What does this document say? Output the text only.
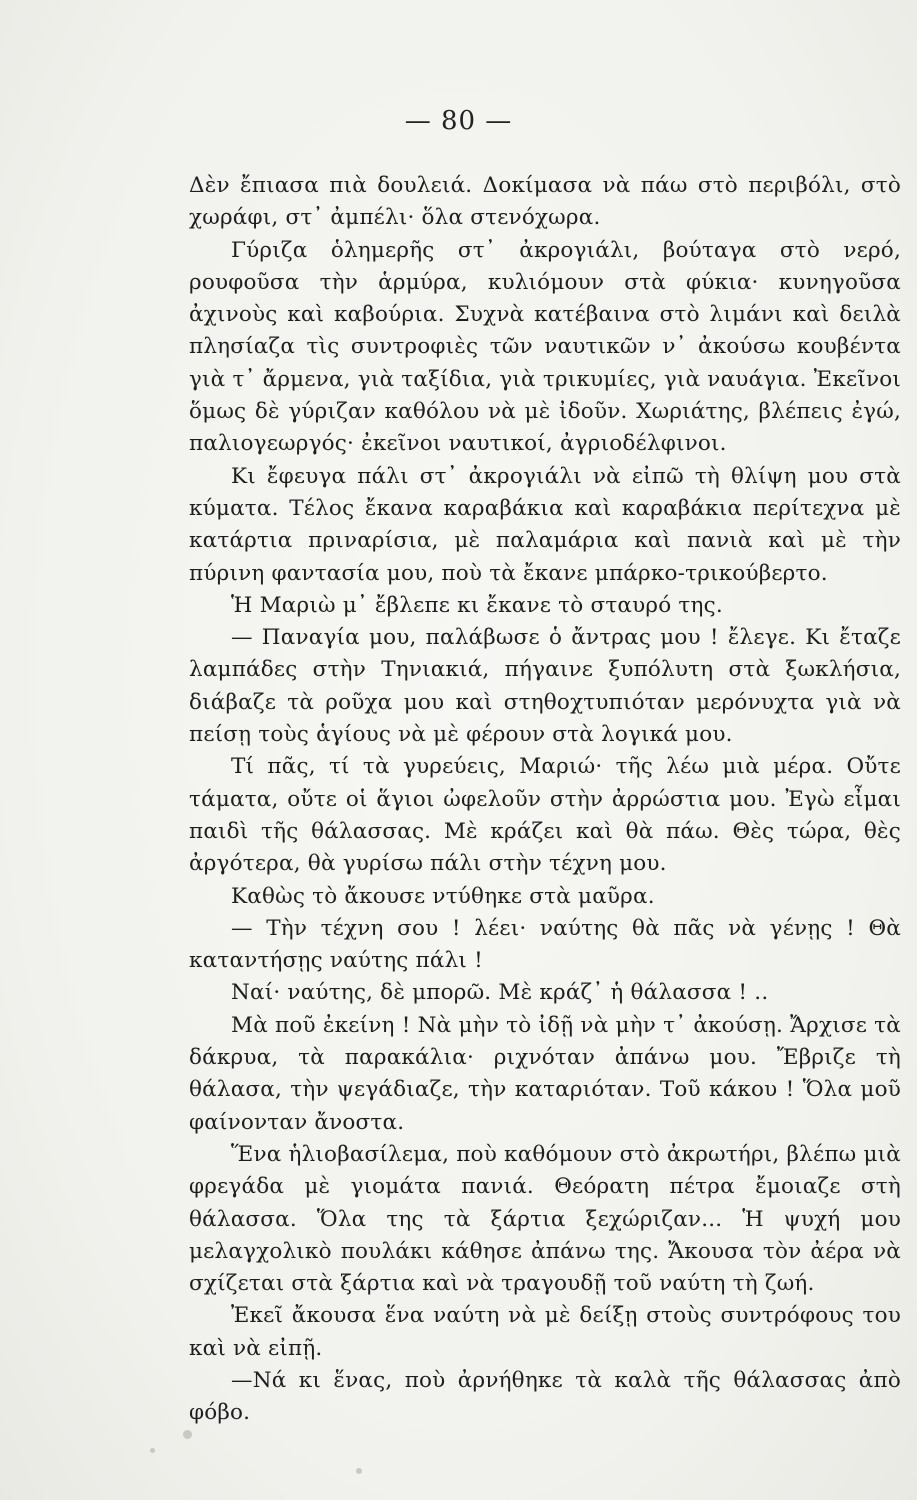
— 80 —

Δὲν ἔπιασα πιὰ δουλειά. Δοκίμασα νὰ πάω στὸ περιβόλι, στὸ χωράφι, στ᾽ ἀμπέλι· ὅλα στενόχωρα.

Γύριζα ὁλημερῆς στ᾽ ἀκρογιάλι, βούταγα στὸ νερό, ρουφοῦσα τὴν ἁρμύρα, κυλιόμουν στὰ φύκια· κυνηγοῦσα ἀχινοὺς καὶ καβούρια. Συχνὰ κατέβαινα στὸ λιμάνι καὶ δειλὰ πλησίαζα τὶς συντροφιὲς τῶν ναυτικῶν ν᾽ ἀκούσω κουβέντα γιὰ τ᾽ ἄρμενα, γιὰ ταξίδια, γιὰ τρικυμίες, γιὰ ναυάγια. Ἐκεῖνοι ὅμως δὲ γύριζαν καθόλου νὰ μὲ ἰδοῦν. Χωριάτης, βλέπεις ἐγώ, παλιογεωργός· ἐκεῖνοι ναυτικοί, ἀγριοδέλφινοι.

Κι ἔφευγα πάλι στ᾽ ἀκρογιάλι νὰ εἰπῶ τὴ θλίψη μου στὰ κύματα. Τέλος ἔκανα καραβάκια καὶ καραβάκια περίτεχνα μὲ κατάρτια πριναρίσια, μὲ παλαμάρια καὶ πανιὰ καὶ μὲ τὴν πύρινη φαντασία μου, ποὺ τὰ ἔκανε μπάρκο-τρικούβερτο.

Ἡ Μαριὼ μ᾽ ἔβλεπε κι ἔκανε τὸ σταυρό της.

— Παναγία μου, παλάβωσε ὁ ἄντρας μου ! ἔλεγε. Κι ἔταζε λαμπάδες στὴν Τηνιακιά, πήγαινε ξυπόλυτη στὰ ξωκλήσια, διάβαζε τὰ ροῦχα μου καὶ στηθοχτυπιόταν μερόνυχτα γιὰ νὰ πείσῃ τοὺς ἁγίους νὰ μὲ φέρουν στὰ λογικά μου.

Τί πᾶς, τί τὰ γυρεύεις, Μαριώ· τῆς λέω μιὰ μέρα. Οὔτε τάματα, οὔτε οἱ ἅγιοι ὠφελοῦν στὴν ἀρρώστια μου. Ἐγὼ εἶμαι παιδὶ τῆς θάλασσας. Μὲ κράζει καὶ θὰ πάω. Θὲς τώρα, θὲς ἀργότερα, θὰ γυρίσω πάλι στὴν τέχνη μου.

Καθὼς τὸ ἄκουσε ντύθηκε στὰ μαῦρα.

— Τὴν τέχνη σου ! λέει· ναύτης θὰ πᾶς νὰ γένῃς ! Θὰ καταντήσῃς ναύτης πάλι !

Ναί· ναύτης, δὲ μπορῶ. Μὲ κράζ᾽ ἡ θάλασσα ! ..

Μὰ ποῦ ἐκείνη ! Νὰ μὴν τὸ ἰδῇ νὰ μὴν τ᾽ ἀκούσῃ. Ἄρχισε τὰ δάκρυα, τὰ παρακάλια· ριχνόταν ἀπάνω μου. Ἔβριζε τὴ θάλασα, τὴν ψεγάδιαζε, τὴν καταριόταν. Τοῦ κάκου ! Ὅλα μοῦ φαίνονταν ἄνοστα.

Ἕνα ἡλιοβασίλεμα, ποὺ καθόμουν στὸ ἀκρωτήρι, βλέπω μιὰ φρεγάδα μὲ γιομάτα πανιά. Θεόρατη πέτρα ἔμοιαζε στὴ θάλασσα. Ὅλα της τὰ ξάρτια ξεχώριζαν... Ἡ ψυχή μου μελαγχολικὸ πουλάκι κάθησε ἀπάνω της. Ἄκουσα τὸν ἀέρα νὰ σχίζεται στὰ ξάρτια καὶ νὰ τραγουδῇ τοῦ ναύτη τὴ ζωή.

Ἐκεῖ ἄκουσα ἕνα ναύτη νὰ μὲ δείξῃ στοὺς συντρόφους του καὶ νὰ εἰπῇ.

—Νά κι ἕνας, ποὺ ἀρνήθηκε τὰ καλὰ τῆς θάλασσας ἀπὸ φόβο.
